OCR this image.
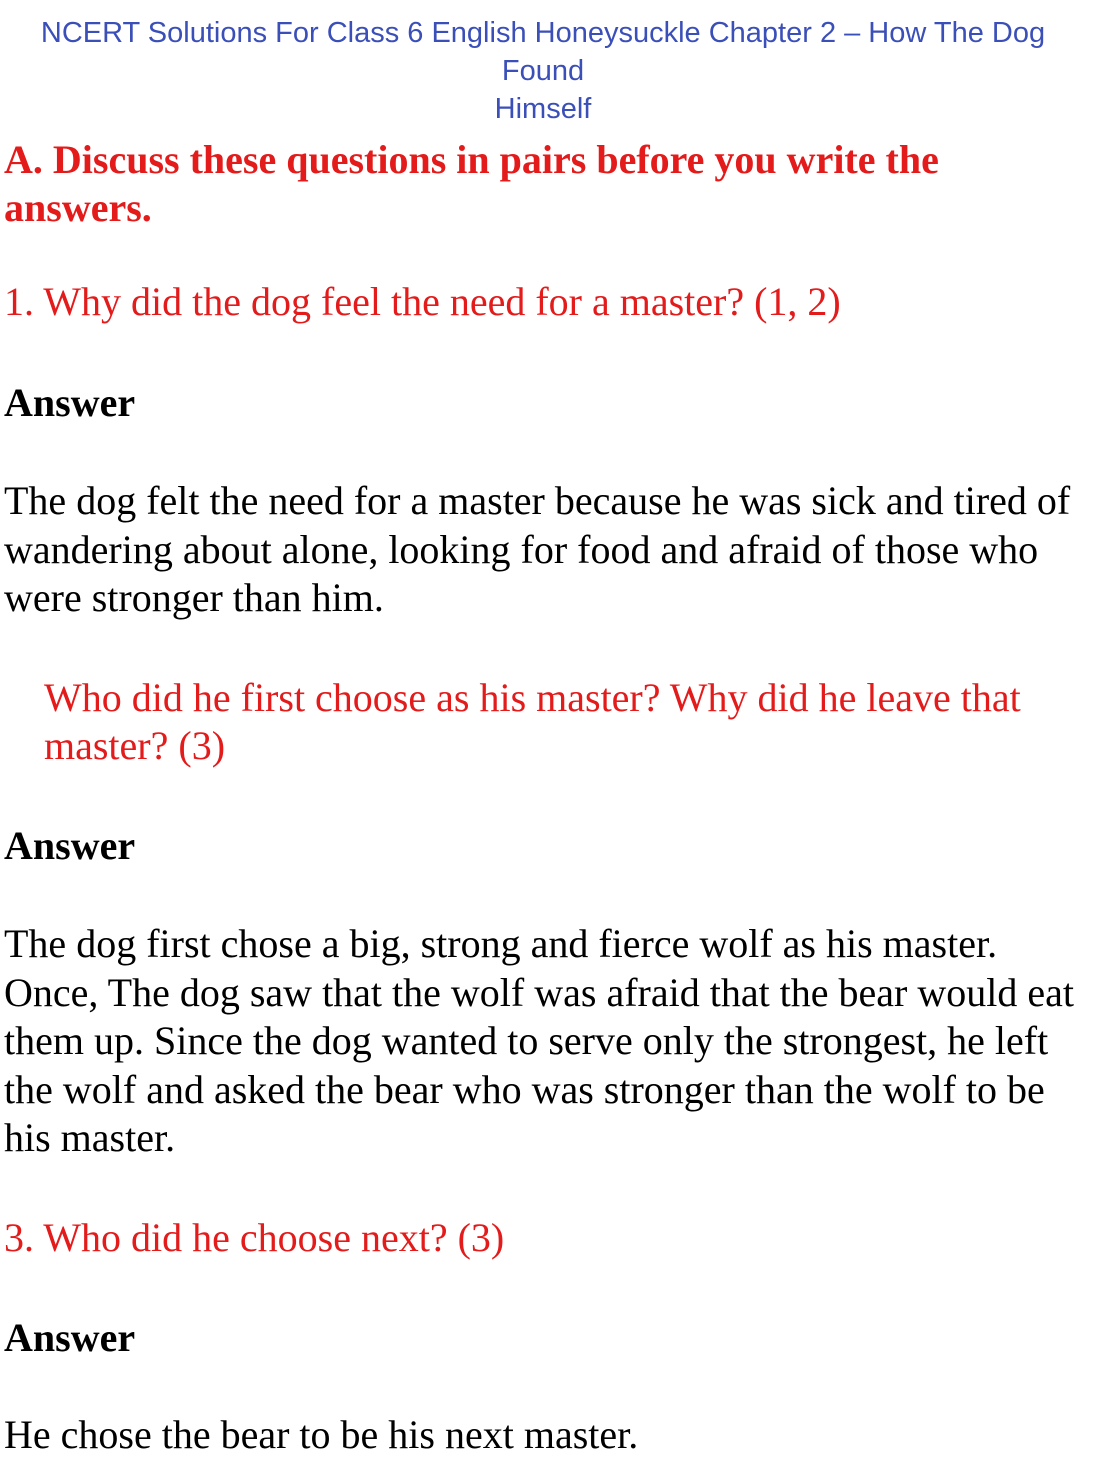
NCERT Solutions For Class 6 English Honeysuckle Chapter 2 – How The Dog Found
Himself
A. Discuss these questions in pairs before you write the answers.

1. Why did the dog feel the need for a master? (1, 2)

Answer

The dog felt the need for a master because he was sick and tired of wandering about alone, looking for food and afraid of those who were stronger than him.

Who did he first choose as his master? Why did he leave that master? (3)

Answer

The dog first chose a big, strong and fierce wolf as his master. Once, The dog saw that the wolf was afraid that the bear would eat them up. Since the dog wanted to serve only the strongest, he left the wolf and asked the bear who was stronger than the wolf to be his master.

3. Who did he choose next? (3)

Answer

He chose the bear to be his next master.
